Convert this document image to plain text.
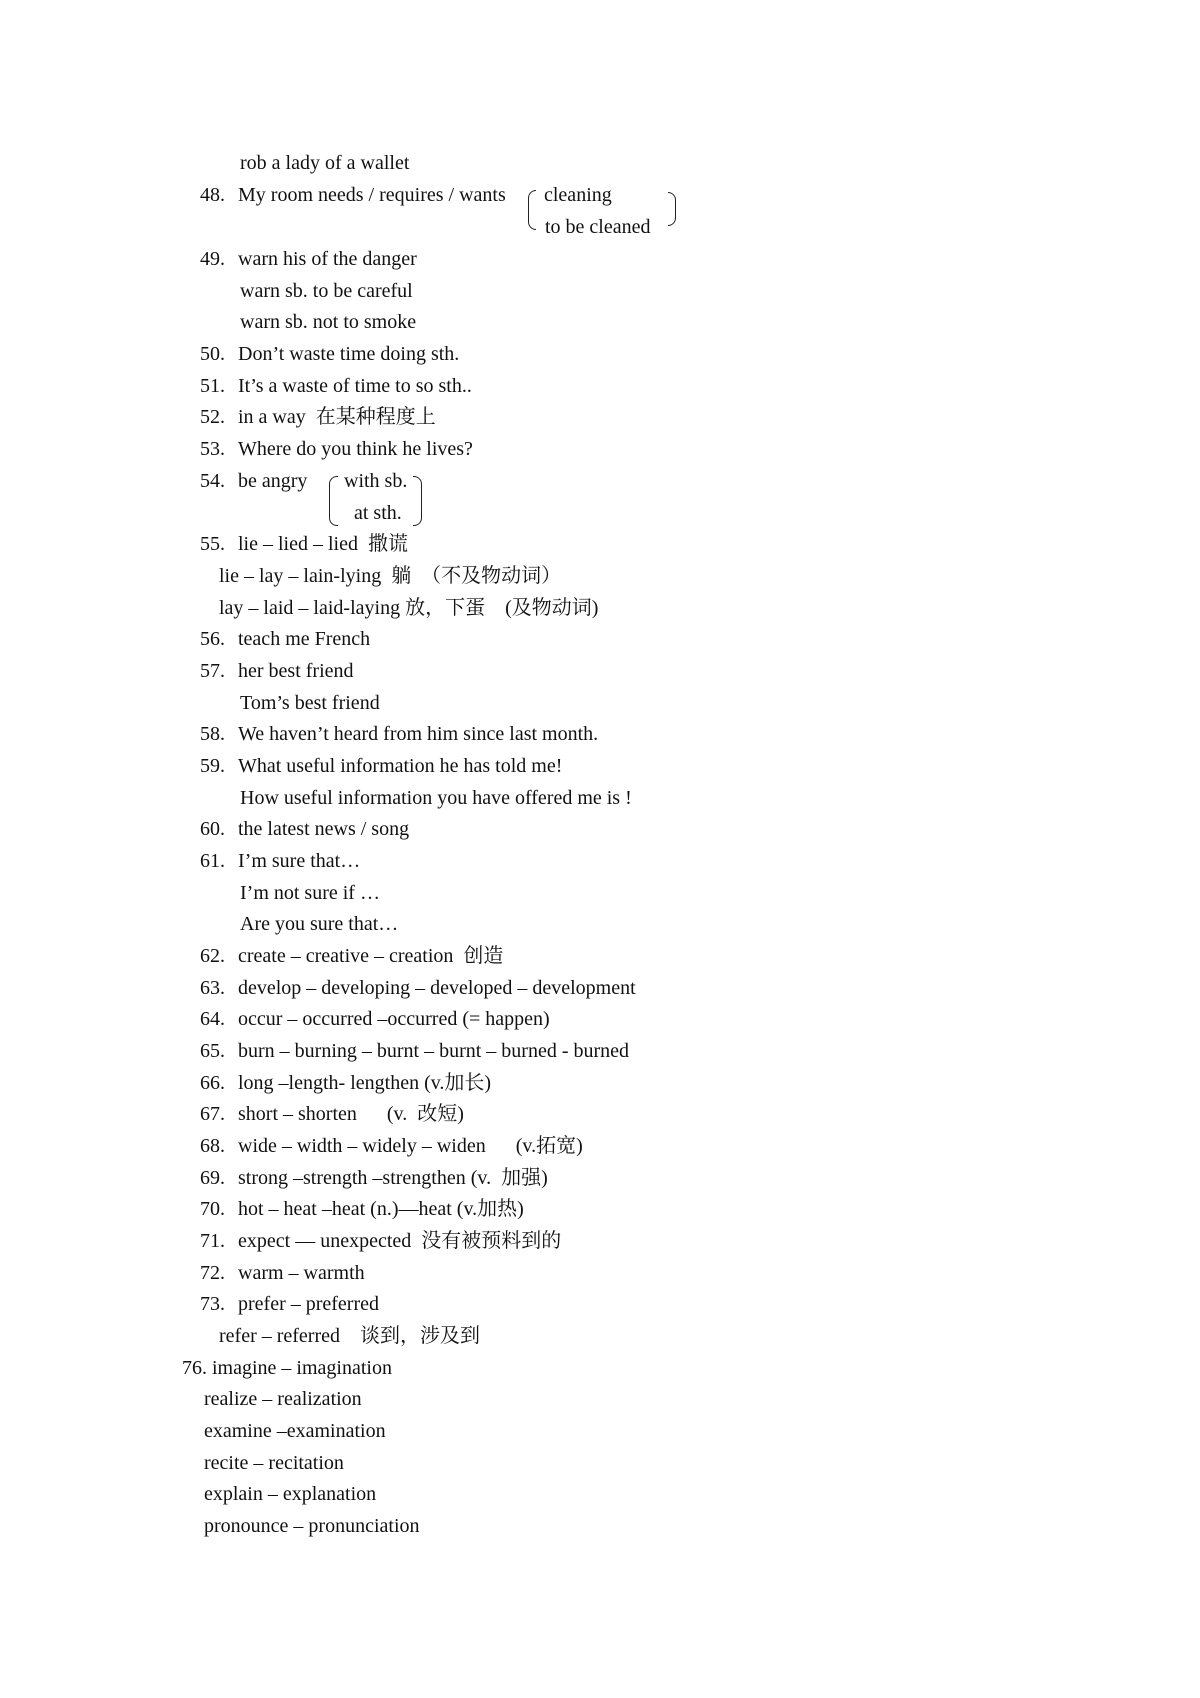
rob a lady of a wallet
48. My room needs / requires / wants cleaning
to be cleaned
49. warn his of the danger
warn sb. to be careful
warn sb. not to smoke
50. Don’t waste time doing sth.
51. It’s a waste of time to so sth..
52. in a way  在某种程度上
53. Where do you think he lives?
54. be angry with sb.
at sth.
55. lie – lied – lied  撒谎
lie – lay – lain-lying  躺  （不及物动词）
lay – laid – laid-laying 放，下蛋    (及物动词)
56. teach me French
57. her best friend
Tom’s best friend
58. We haven’t heard from him since last month.
59. What useful information he has told me!
How useful information you have offered me is !
60. the latest news / song
61. I’m sure that…
I’m not sure if …
Are you sure that…
62. create – creative – creation  创造
63. develop – developing – developed – development
64. occur – occurred –occurred (= happen)
65. burn – burning – burnt – burnt – burned - burned
66. long –length- lengthen (v.加长)
67. short – shorten      (v.  改短)
68. wide – width – widely – widen      (v.拓宽)
69. strong –strength –strengthen (v.  加强)
70. hot – heat –heat (n.)—heat (v.加热)
71. expect — unexpected  没有被预料到的
72. warm – warmth
73. prefer – preferred
refer – referred    谈到，涉及到
76. imagine – imagination
realize – realization
examine –examination
recite – recitation
explain – explanation
pronounce – pronunciation
